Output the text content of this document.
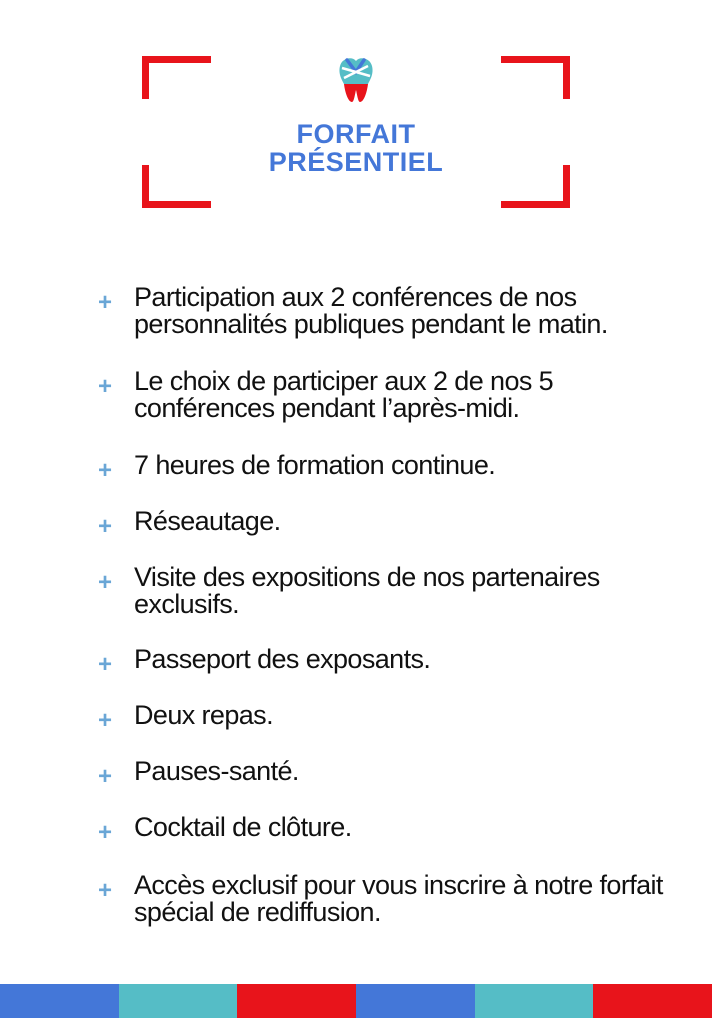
FORFAIT
PRÉSENTIEL
+ Participation aux 2 conférences de nos personnalités publiques pendant le matin.
+ Le choix de participer aux 2 de nos 5 conférences pendant l’après-midi.
+ 7 heures de formation continue.
+ Réseautage.
+ Visite des expositions de nos partenaires exclusifs.
+ Passeport des exposants.
+ Deux repas.
+ Pauses-santé.
+ Cocktail de clôture.
+ Accès exclusif pour vous inscrire à notre forfait spécial de rediffusion.
